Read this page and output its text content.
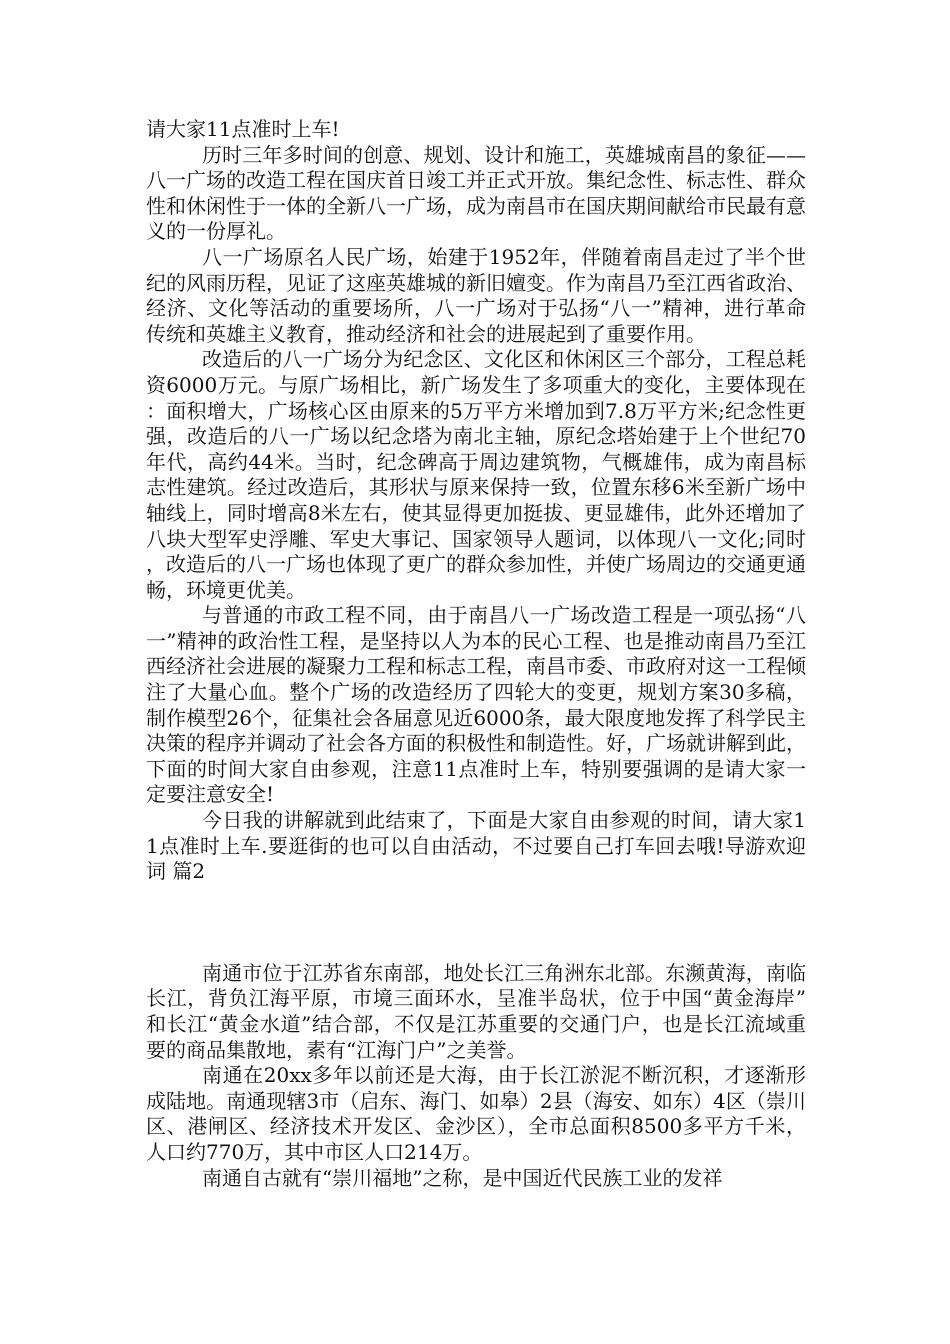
请大家11点准时上车!

历时三年多时间的创意、规划、设计和施工，英雄城南昌的象征——八一广场的改造工程在国庆首日竣工并正式开放。集纪念性、标志性、群众性和休闲性于一体的全新八一广场，成为南昌市在国庆期间献给市民最有意义的一份厚礼。

八一广场原名人民广场，始建于1952年，伴随着南昌走过了半个世纪的风雨历程，见证了这座英雄城的新旧嬗变。作为南昌乃至江西省政治、经济、文化等活动的重要场所，八一广场对于弘扬“八一”精神，进行革命传统和英雄主义教育，推动经济和社会的进展起到了重要作用。

改造后的八一广场分为纪念区、文化区和休闲区三个部分，工程总耗资6000万元。与原广场相比，新广场发生了多项重大的变化，主要体现在：面积增大，广场核心区由原来的5万平方米增加到7.8万平方米;纪念性更强，改造后的八一广场以纪念塔为南北主轴，原纪念塔始建于上个世纪70年代，高约44米。当时，纪念碑高于周边建筑物，气概雄伟，成为南昌标志性建筑。经过改造后，其形状与原来保持一致，位置东移6米至新广场中轴线上，同时增高8米左右，使其显得更加挺拔、更显雄伟，此外还增加了八块大型军史浮雕、军史大事记、国家领导人题词，以体现八一文化;同时，改造后的八一广场也体现了更广的群众参加性，并使广场周边的交通更通畅，环境更优美。

与普通的市政工程不同，由于南昌八一广场改造工程是一项弘扬“八一”精神的政治性工程，是坚持以人为本的民心工程、也是推动南昌乃至江西经济社会进展的凝聚力工程和标志工程，南昌市委、市政府对这一工程倾注了大量心血。整个广场的改造经历了四轮大的变更，规划方案30多稿，制作模型26个，征集社会各届意见近6000条，最大限度地发挥了科学民主决策的程序并调动了社会各方面的积极性和制造性。好，广场就讲解到此，下面的时间大家自由参观，注意11点准时上车，特别要强调的是请大家一定要注意安全!

今日我的讲解就到此结束了，下面是大家自由参观的时间，请大家11点准时上车.要逛街的也可以自由活动，不过要自己打车回去哦!导游欢迎词 篇2

南通市位于江苏省东南部，地处长江三角洲东北部。东濒黄海，南临长江，背负江海平原，市境三面环水，呈准半岛状，位于中国“黄金海岸”和长江“黄金水道”结合部，不仅是江苏重要的交通门户，也是长江流域重要的商品集散地，素有“江海门户”之美誉。

南通在20xx多年以前还是大海，由于长江淤泥不断沉积，才逐渐形成陆地。南通现辖3市（启东、海门、如皋）2县（海安、如东）4区（崇川区、港闸区、经济技术开发区、金沙区），全市总面积8500多平方千米，人口约770万，其中市区人口214万。

南通自古就有“崇川福地”之称，是中国近代民族工业的发祥
